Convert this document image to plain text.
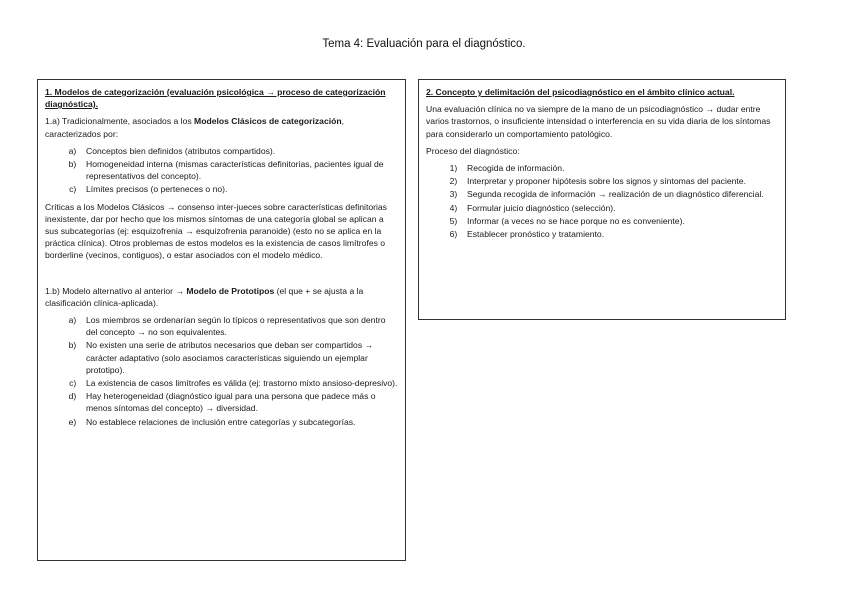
Tema 4: Evaluación para el diagnóstico.
1. Modelos de categorización (evaluación psicológica → proceso de categorización diagnóstica).

1.a) Tradicionalmente, asociados a los Modelos Clásicos de categorización, caracterizados por:

a. Conceptos bien definidos (atributos compartidos).
b. Homogeneidad interna (mismas características definitorias, pacientes igual de representativos del concepto).
c. Límites precisos (o perteneces o no).

Críticas a los Modelos Clásicos → consenso inter-jueces sobre características definitorias inexistente, dar por hecho que los mismos síntomas de una categoría global se aplican a sus subcategorías (ej: esquizofrenia → esquizofrenia paranoide) (esto no se aplica en la práctica clínica). Otros problemas de estos modelos es la existencia de casos limítrofes o borderline (vecinos, contiguos), o estar asociados con el modelo médico.

1.b) Modelo alternativo al anterior → Modelo de Prototipos (el que + se ajusta a la clasificación clínica-aplicada).

a. Los miembros se ordenarían según lo típicos o representativos que son dentro del concepto → no son equivalentes.
b. No existen una serie de atributos necesarios que deban ser compartidos → carácter adaptativo (solo asociamos características siguiendo un ejemplar prototipo).
c. La existencia de casos limítrofes es válida (ej: trastorno mixto ansioso-depresivo).
d. Hay heterogeneidad (diagnóstico igual para una persona que padece más o menos síntomas del concepto) → diversidad.
e. No establece relaciones de inclusión entre categorías y subcategorías.
2. Concepto y delimitación del psicodiagnóstico en el ámbito clínico actual.

Una evaluación clínica no va siempre de la mano de un psicodiagnóstico → dudar entre varios trastornos, o insuficiente intensidad o interferencia en su vida diaria de los síntomas para considerarlo un comportamiento patológico.

Proceso del diagnóstico:

1. Recogida de información.
2. Interpretar y proponer hipótesis sobre los signos y síntomas del paciente.
3. Segunda recogida de información → realización de un diagnóstico diferencial.
4. Formular juicio diagnóstico (selección).
5. Informar (a veces no se hace porque no es conveniente).
6. Establecer pronóstico y tratamiento.
